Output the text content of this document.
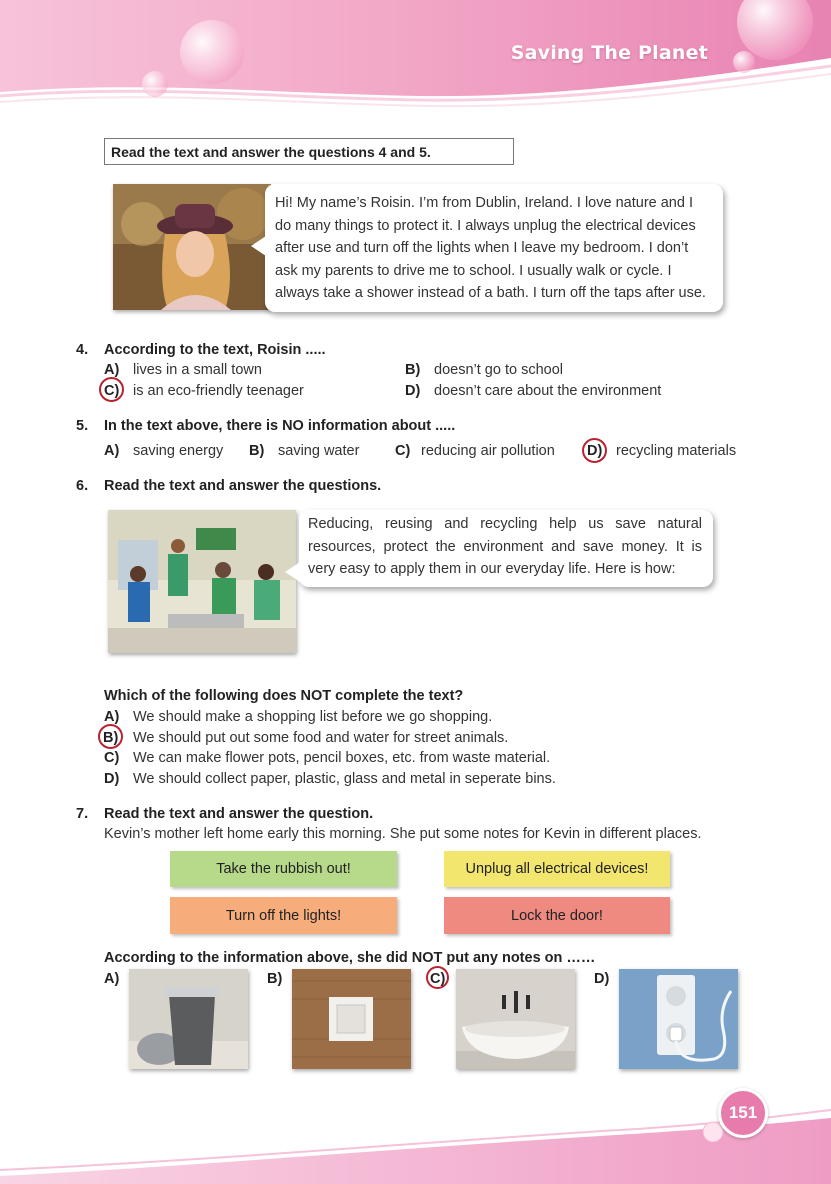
Saving The Planet
Read the text and answer the questions 4 and 5.
Hi! My name’s Roisin. I’m from Dublin, Ireland. I love nature and I do many things to protect it. I always unplug the electrical devices after use and turn off the lights when I leave my bedroom. I don’t ask my parents to drive me to school. I usually walk or cycle. I always take a shower instead of a bath. I turn off the taps after use.
4. According to the text, Roisin .....
A) lives in a small town	B) doesn’t go to school
C) is an eco-friendly teenager	D) doesn’t care about the environment
5. In the text above, there is NO information about .....
A) saving energy B) saving water C) reducing air pollution D) recycling materials
6. Read the text and answer the questions.
Reducing, reusing and recycling help us save natural resources, protect the environment and save money. It is very easy to apply them in our everyday life. Here is how:
Which of the following does NOT complete the text?
A) We should make a shopping list before we go shopping.
B) We should put out some food and water for street animals.
C) We can make flower pots, pencil boxes, etc. from waste material.
D) We should collect paper, plastic, glass and metal in seperate bins.
7. Read the text and answer the question.
Kevin’s mother left home early this morning. She put some notes for Kevin in different places.
Take the rubbish out!	Unplug all electrical devices!
Turn off the lights!	Lock the door!
According to the information above, she did NOT put any notes on ……
A)	B)	C)	D)
151
